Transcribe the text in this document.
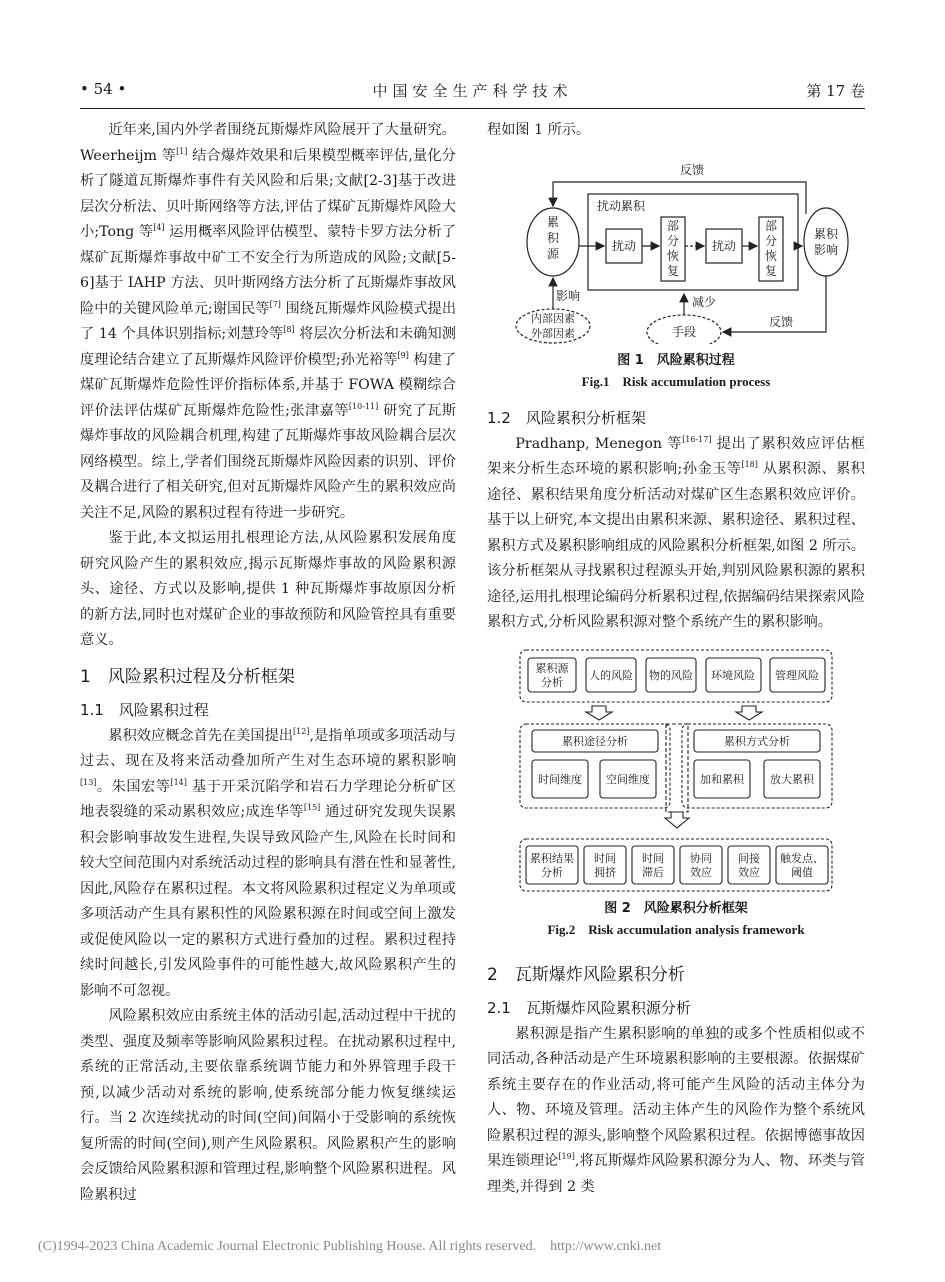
• 54 •	中国安全生产科学技术	第 17 卷

近年来,国内外学者围绕瓦斯爆炸风险展开了大量研究。Weerheijm 等[1] 结合爆炸效果和后果模型概率评估,量化分析了隧道瓦斯爆炸事件有关风险和后果;文献[2-3]基于改进层次分析法、贝叶斯网络等方法,评估了煤矿瓦斯爆炸风险大小;Tong 等[4] 运用概率风险评估模型、蒙特卡罗方法分析了煤矿瓦斯爆炸事故中矿工不安全行为所造成的风险;文献[5-6]基于 IAHP 方法、贝叶斯网络方法分析了瓦斯爆炸事故风险中的关键风险单元;谢国民等[7] 围绕瓦斯爆炸风险模式提出了 14 个具体识别指标;刘慧玲等[8] 将层次分析法和未确知测度理论结合建立了瓦斯爆炸风险评价模型;孙光裕等[9] 构建了煤矿瓦斯爆炸危险性评价指标体系,并基于 FOWA 模糊综合评价法评估煤矿瓦斯爆炸危险性;张津嘉等[10-11] 研究了瓦斯爆炸事故的风险耦合机理,构建了瓦斯爆炸事故风险耦合层次网络模型。综上,学者们围绕瓦斯爆炸风险因素的识别、评价及耦合进行了相关研究,但对瓦斯爆炸风险产生的累积效应尚关注不足,风险的累积过程有待进一步研究。

鉴于此,本文拟运用扎根理论方法,从风险累积发展角度研究风险产生的累积效应,揭示瓦斯爆炸事故的风险累积源头、途径、方式以及影响,提供 1 种瓦斯爆炸事故原因分析的新方法,同时也对煤矿企业的事故预防和风险管控具有重要意义。

1　风险累积过程及分析框架

1.1　风险累积过程

累积效应概念首先在美国提出[12],是指单项或多项活动与过去、现在及将来活动叠加所产生对生态环境的累积影响[13]。朱国宏等[14] 基于开采沉陷学和岩石力学理论分析矿区地表裂缝的采动累积效应;成连华等[15] 通过研究发现失误累积会影响事故发生进程,失误导致风险产生,风险在长时间和较大空间范围内对系统活动过程的影响具有潜在性和显著性,因此,风险存在累积过程。本文将风险累积过程定义为单项或多项活动产生具有累积性的风险累积源在时间或空间上激发或促使风险以一定的累积方式进行叠加的过程。累积过程持续时间越长,引发风险事件的可能性越大,故风险累积产生的影响不可忽视。

风险累积效应由系统主体的活动引起,活动过程中干扰的类型、强度及频率等影响风险累积过程。在扰动累积过程中,系统的正常活动,主要依靠系统调节能力和外界管理手段干预,以减少活动对系统的影响,使系统部分能力恢复继续运行。当 2 次连续扰动的时间(空间)间隔小于受影响的系统恢复所需的时间(空间),则产生风险累积。风险累积产生的影响会反馈给风险累积源和管理过程,影响整个风险累积进程。风险累积过

程如图 1 所示。

反馈
扰动累积
累积源
扰动
部分恢复
扰动
部分恢复
累积影响
影响	减少
反馈
内部因素
外部因素	手段
图 1　风险累积过程
Fig.1　Risk accumulation process

1.2　风险累积分析框架

Pradhanp, Menegon 等[16-17] 提出了累积效应评估框架来分析生态环境的累积影响;孙金玉等[18] 从累积源、累积途径、累积结果角度分析活动对煤矿区生态累积效应评价。基于以上研究,本文提出由累积来源、累积途径、累积过程、累积方式及累积影响组成的风险累积分析框架,如图 2 所示。该分析框架从寻找累积过程源头开始,判别风险累积源的累积途径,运用扎根理论编码分析累积过程,依据编码结果探索风险累积方式,分析风险累积源对整个系统产生的累积影响。

累积源分析
人的风险 物的风险 环境风险 管理风险
累积途径分析
时间维度 空间维度
累积方式分析
加和累积 放大累积
累积结果分析
时间拥挤
时间滞后
协同效应
间接效应
触发点、阈值
图 2　风险累积分析框架
Fig.2　Risk accumulation analysis framework

2　瓦斯爆炸风险累积分析

2.1　瓦斯爆炸风险累积源分析

累积源是指产生累积影响的单独的或多个性质相似或不同活动,各种活动是产生环境累积影响的主要根源。依据煤矿系统主要存在的作业活动,将可能产生风险的活动主体分为人、物、环境及管理。活动主体产生的风险作为整个系统风险累积过程的源头,影响整个风险累积过程。依据博德事故因果连锁理论[19],将瓦斯爆炸风险累积源分为人、物、环类与管理类,并得到 2 类

(C)1994-2023 China Academic Journal Electronic Publishing House. All rights reserved.　http://www.cnki.net
